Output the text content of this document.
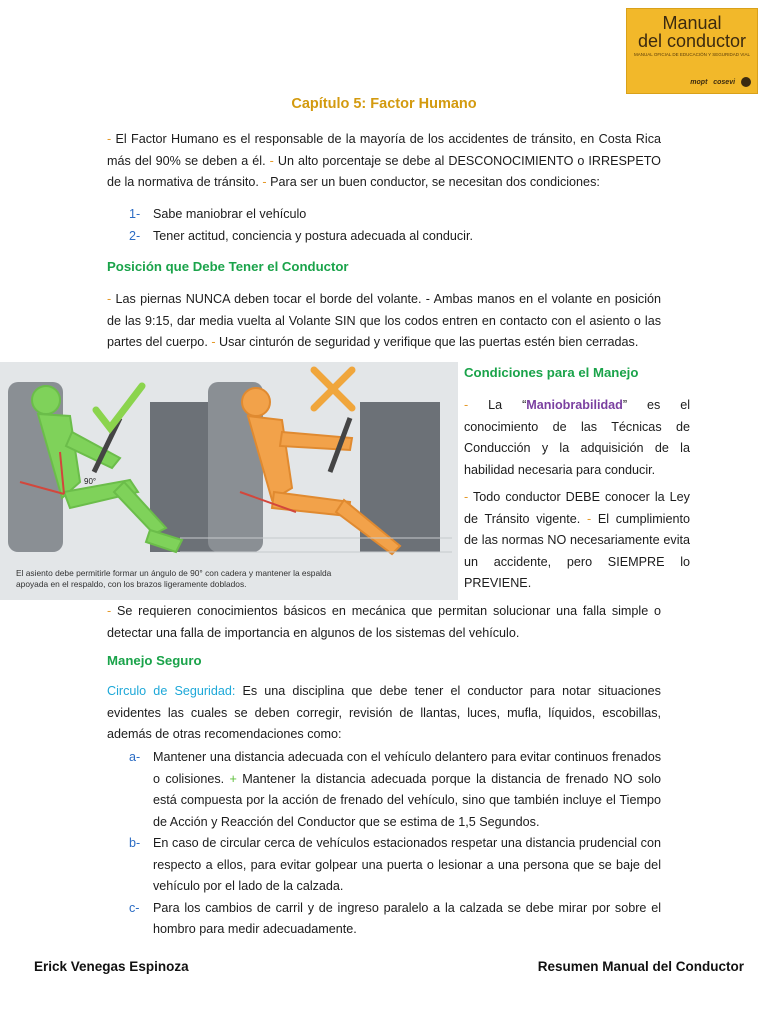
Manual
del conductor
MANUAL OFICIAL DE EDUCACIÓN Y SEGURIDAD VIAL
mopt cosevi
Capítulo 5: Factor Humano
- El Factor Humano es el responsable de la mayoría de los accidentes de tránsito, en Costa Rica más del 90% se deben a él. - Un alto porcentaje se debe al DESCONOCIMIENTO o IRRESPETO de la normativa de tránsito. - Para ser un buen conductor, se necesitan dos condiciones:
1-	Sabe maniobrar el vehículo
2-	Tener actitud, conciencia y postura adecuada al conducir.
Posición que Debe Tener el Conductor
- Las piernas NUNCA deben tocar el borde del volante. - Ambas manos en el volante en posición de las 9:15, dar media vuelta al Volante SIN que los codos entren en contacto con el asiento o las partes del cuerpo. - Usar cinturón de seguridad y verifique que las puertas estén bien cerradas.
90°
El asiento debe permitirle formar un ángulo de 90° con cadera y mantener la espalda apoyada en el respaldo, con los brazos ligeramente doblados.
Condiciones para el Manejo
- La “Maniobrabilidad” es el conocimiento de las Técnicas de Conducción y la adquisición de la habilidad necesaria para conducir.
- Todo conductor DEBE conocer la Ley de Tránsito vigente. - El cumplimiento de las normas NO necesariamente evita un accidente, pero SIEMPRE lo PREVIENE.
- Se requieren conocimientos básicos en mecánica que permitan solucionar una falla simple o detectar una falla de importancia en algunos de los sistemas del vehículo.
Manejo Seguro
Circulo de Seguridad: Es una disciplina que debe tener el conductor para notar situaciones evidentes las cuales se deben corregir, revisión de llantas, luces, mufla, líquidos, escobillas, además de otras recomendaciones como:
a-	Mantener una distancia adecuada con el vehículo delantero para evitar continuos frenados o colisiones. + Mantener la distancia adecuada porque la distancia de frenado NO solo está compuesta por la acción de frenado del vehículo, sino que también incluye el Tiempo de Acción y Reacción del Conductor que se estima de 1,5 Segundos.
b-	En caso de circular cerca de vehículos estacionados respetar una distancia prudencial con respecto a ellos, para evitar golpear una puerta o lesionar a una persona que se baje del vehículo por el lado de la calzada.
c-	Para los cambios de carril y de ingreso paralelo a la calzada se debe mirar por sobre el hombro para medir adecuadamente.
Erick Venegas Espinoza	Resumen Manual del Conductor
